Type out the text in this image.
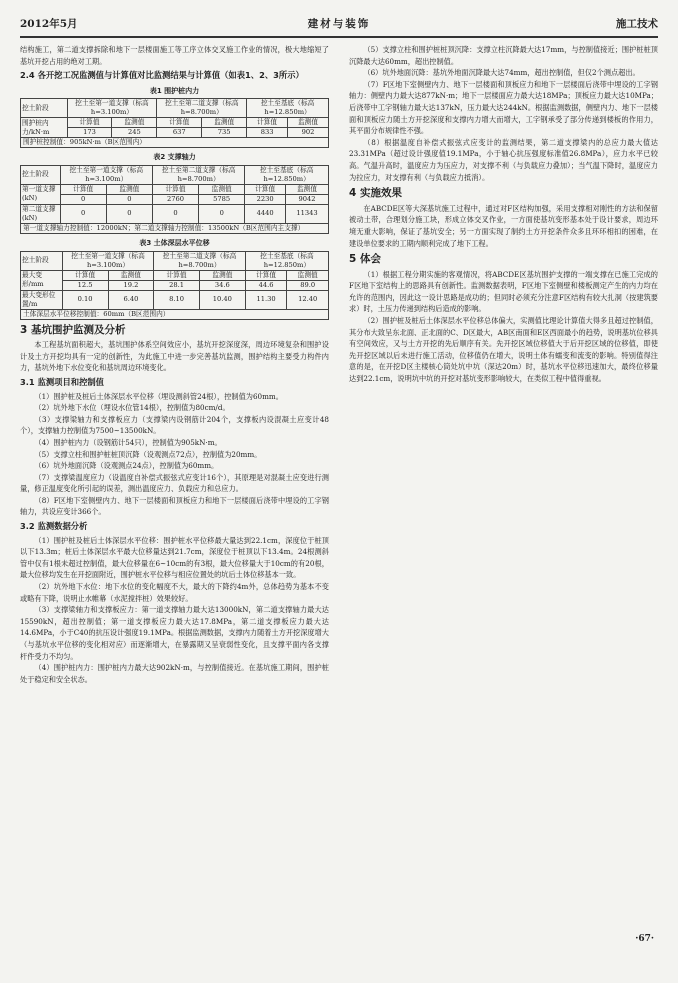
2012年5月	建材与装饰	施工技术

结构施工，第二道支撑拆除和地下一层楼面施工等工序立体交叉施工作业的情况，极大地缩短了基坑开挖占用的绝对工期。

2.4 各开挖工况监测值与计算值对比监测结果与计算值（如表1、2、3所示）
表1 围护桩内力
挖土阶段	挖土至第一道支撑（标高h=3.100m）		挖土至第二道支撑（标高h=8.700m）		挖土至基底（标高h=12.850m）	
围护桩内力/kN·m	计算值	监测值	计算值	监测值	计算值	监测值
	173	245	637	735	833	902
围护桩控制值：905kN·m（B区范围内）
表2 支撑轴力
挖土阶段	挖土至第一道支撑（标高h=3.100m）		挖土至第二道支撑（标高h=8.700m）		挖土至基底（标高h=12.850m）	
第一道支撑(kN)	计算值	监测值	计算值	监测值	计算值	监测值
	0	0	2760	5785	2230	9042
第二道支撑(kN)	0	0	0	0	4440	11343
第一道支撑轴力控制值：12000kN；第二道支撑轴力控制值：13500kN（B区范围内主支撑）
表3 土体深层水平位移
挖土阶段	挖土至第一道支撑（标高h=3.100m）		挖土至第二道支撑（标高h=8.700m）		挖土至基底（标高h=12.850m）	
最大变形/mm	计算值	监测值	计算值	监测值	计算值	监测值
	12.5	19.2	28.1	34.6	44.6	89.0
最大变形位置/m	0.10	6.40	8.10	10.40	11.30	12.40
土体深层水平位移控制值：60mm（B区范围内）
3 基坑围护监测及分析

本工程基坑面积超大，基坑围护体系空间效应小，基坑开挖深度深，周边环境复杂和围护设计及土方开挖均具有一定的创新性，为此施工中进一步完善基坑监测，围护结构主要受力构件内力，基坑外地下水位变化和基坑周边环境变化。

3.1 监测项目和控制值

（1）围护桩及桩后土体深层水平位移（埋设测斜管24根），控制值为60mm。

（2）坑外地下水位（埋设水位管14根），控制值为80cm/d。

（3）支撑梁轴力和支撑板应力（支撑梁内设钢筋计204个，支撑板内设混凝土应变计48个），支撑轴力控制值为7500~13500kN。

（4）围护桩内力（设钢筋计54只），控制值为905kN·m。

（5）支撑立柱和围护桩桩顶沉降（设观测点72点），控制值为20mm。

（6）坑外地面沉降（设观测点24点），控制值为60mm。

（7）支撑梁温度应力（设温度自补偿式振弦式应变计16个），其原理是对混凝土应变进行测量，修正温度变化所引起的误差，测出温度应力、负载应力和总应力。

（8）F区地下室侧壁内力、地下一层楼面和顶板应力和地下一层楼面后浇带中埋设的工字钢轴力，共设应变计366个。

3.2 监测数据分析

（1）围护桩及桩后土体深层水平位移：围护桩水平位移最大量达到22.1cm，深度位于桩顶以下13.3m；桩后土体深层水平最大位移量达到21.7cm，深度位于桩顶以下13.4m。24根测斜管中仅有1根未超过控制值，最大位移量在6~10cm的有3根，最大位移量大于10cm的有20根，最大位移均发生在开挖面附近，围护桩水平位移与相应位置处的坑后土体位移基本一致。

（2）坑外地下水位：地下水位的变化幅度不大，最大的下降约4m外，总体趋势为基本不变或略有下降，说明止水帷幕（水泥搅拌桩）效果较好。

（3）支撑梁轴力和支撑板应力：第一道支撑轴力最大达13000kN，第二道支撑轴力最大达15590kN，超出控制值；第一道支撑板应力最大达17.8MPa，第二道支撑板应力最大达14.6MPa，小于C40的抗压设计强度19.1MPa。根据监测数据，支撑内力随着土方开挖深度增大（与基坑水平位移的变化相对应）而逐渐增大，在暴露期又呈衰弱性变化，且支撑平面内各支撑杆件受力不均匀。

（4）围护桩内力：围护桩内力最大达902kN·m，与控制值接近。在基坑施工期间，围护桩处于稳定和安全状态。

（5）支撑立柱和围护桩桩顶沉降：支撑立柱沉降最大达17mm，与控制值接近；围护桩桩顶沉降最大达60mm，超出控制值。

（6）坑外地面沉降：基坑外地面沉降最大达74mm，超出控制值，但仅2个测点超出。

（7）F区地下室侧壁内力、地下一层楼面和顶板应力和地下一层楼面后浇带中埋设的工字钢轴力：侧壁内力最大达877kN·m；地下一层楼面应力最大达18MPa；顶板应力最大达10MPa；后浇带中工字钢轴力最大达137kN，压力最大达244kN。根据监测数据，侧壁内力、地下一层楼面和顶板应力随土方开挖深度和支撑内力增大而增大，工字钢承受了部分传递到楼板的作用力，其平面分布规律性不强。

（8）根据温度自补偿式振弦式应变计的监测结果，第二道支撑梁内的总应力最大值达23.31MPa（超过设计强度值19.1MPa，小于轴心抗压强度标准值26.8MPa），应力水平已较高。气温升高时，温度应力为压应力，对支撑不利（与负载应力叠加）；当气温下降时，温度应力为拉应力，对支撑有利（与负载应力抵消）。

4 实施效果

在ABCDE区等大深基坑施工过程中，通过对F区结构加强，采用支撑相对刚性的方法和保留被动土带，合理划分施工块，形成立体交叉作业，一方面使基坑变形基本处于设计要求，周边环境无重大影响，保证了基坑安全；另一方面实现了制约土方开挖条件众多且环环相扣的困难，在建设单位要求的工期内顺利完成了地下工程。

5 体会

（1）根据工程分期实施的客观情况，将ABCDE区基坑围护支撑的一端支撑在已施工完成的F区地下室结构上的思路具有创新性。监测数据表明，F区地下室侧壁和楼板测定产生的内力均在允许的范围内，因此这一设计思路是成功的；但同时必须充分注意F区结构有较大扎洞（按建筑要求）时，土压力传递到结构后造成的影响。

（2）围护桩及桩后土体深层水平位移总体偏大，实测值比理论计算值大得多且超过控制值，其分布大致呈东北面、正北面的C、D区最大，AB区南面和E区西面最小的趋势，说明基坑位移具有空间效应，又与土方开挖的先后顺序有关。先开挖区域位移值大于后开挖区域的位移值，即使先开挖区域以后未进行施工活动，位移值仍在增大，说明土体有蠕变和流变的影响。特别值得注意的是，在开挖D区主楼核心筒处坑中坑（深达20m）时，基坑水平位移迅速加大，最终位移量达到22.1cm，说明坑中坑的开挖对基坑变形影响较大，在类似工程中值得重视。

·67·
